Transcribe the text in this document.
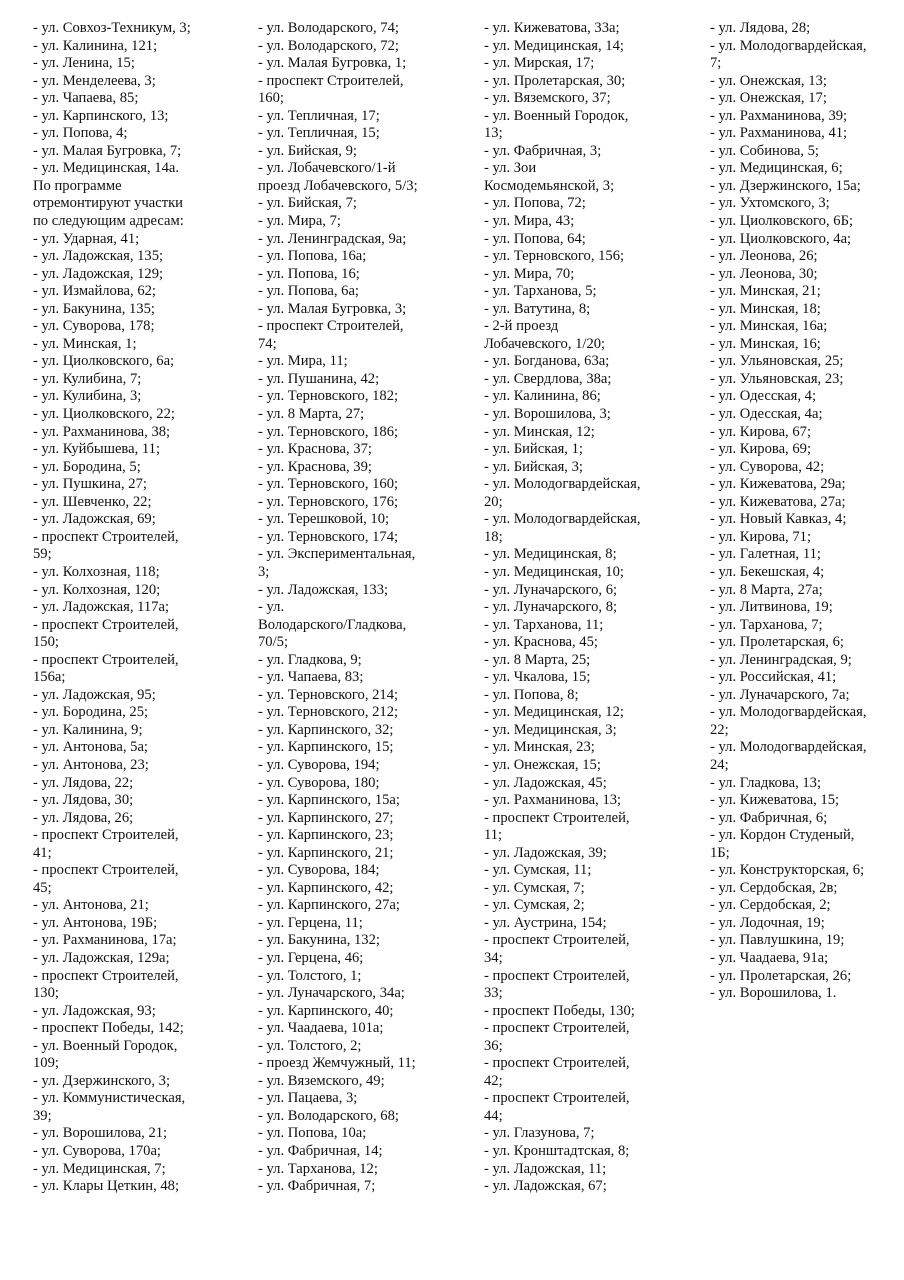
- ул. Совхоз-Техникум, 3;
- ул. Калинина, 121;
- ул. Ленина, 15;
- ул. Менделеева, 3;
- ул. Чапаева, 85;
- ул. Карпинского, 13;
- ул. Попова, 4;
- ул. Малая Бугровка, 7;
- ул. Медицинская, 14а.
По программе
отремонтируют участки
по следующим адресам:
- ул. Ударная, 41;
- ул. Ладожская, 135;
- ул. Ладожская, 129;
- ул. Измайлова, 62;
- ул. Бакунина, 135;
- ул. Суворова, 178;
- ул. Минская, 1;
- ул. Циолковского, 6а;
- ул. Кулибина, 7;
- ул. Кулибина, 3;
- ул. Циолковского, 22;
- ул. Рахманинова, 38;
- ул. Куйбышева, 11;
- ул. Бородина, 5;
- ул. Пушкина, 27;
- ул. Шевченко, 22;
- ул. Ладожская, 69;
- проспект Строителей,
59;
- ул. Колхозная, 118;
- ул. Колхозная, 120;
- ул. Ладожская, 117а;
- проспект Строителей,
150;
- проспект Строителей,
156а;
- ул. Ладожская, 95;
- ул. Бородина, 25;
- ул. Калинина, 9;
- ул. Антонова, 5а;
- ул. Антонова, 23;
- ул. Лядова, 22;
- ул. Лядова, 30;
- ул. Лядова, 26;
- проспект Строителей,
41;
- проспект Строителей,
45;
- ул. Антонова, 21;
- ул. Антонова, 19Б;
- ул. Рахманинова, 17а;
- ул. Ладожская, 129а;
- проспект Строителей,
130;
- ул. Ладожская, 93;
- проспект Победы, 142;
- ул. Военный Городок,
109;
- ул. Дзержинского, 3;
- ул. Коммунистическая,
39;
- ул. Ворошилова, 21;
- ул. Суворова, 170а;
- ул. Медицинская, 7;
- ул. Клары Цеткин, 48;
- ул. Володарского, 74;
- ул. Володарского, 72;
- ул. Малая Бугровка, 1;
- проспект Строителей,
160;
- ул. Тепличная, 17;
- ул. Тепличная, 15;
- ул. Бийская, 9;
- ул. Лобачевского/1-й
проезд Лобачевского, 5/3;
- ул. Бийская, 7;
- ул. Мира, 7;
- ул. Ленинградская, 9а;
- ул. Попова, 16а;
- ул. Попова, 16;
- ул. Попова, 6а;
- ул. Малая Бугровка, 3;
- проспект Строителей,
74;
- ул. Мира, 11;
- ул. Пушанина, 42;
- ул. Терновского, 182;
- ул. 8 Марта, 27;
- ул. Терновского, 186;
- ул. Краснова, 37;
- ул. Краснова, 39;
- ул. Терновского, 160;
- ул. Терновского, 176;
- ул. Терешковой, 10;
- ул. Терновского, 174;
- ул. Экспериментальная,
3;
- ул. Ладожская, 133;
- ул.
Володарского/Гладкова,
70/5;
- ул. Гладкова, 9;
- ул. Чапаева, 83;
- ул. Терновского, 214;
- ул. Терновского, 212;
- ул. Карпинского, 32;
- ул. Карпинского, 15;
- ул. Суворова, 194;
- ул. Суворова, 180;
- ул. Карпинского, 15а;
- ул. Карпинского, 27;
- ул. Карпинского, 23;
- ул. Карпинского, 21;
- ул. Суворова, 184;
- ул. Карпинского, 42;
- ул. Карпинского, 27а;
- ул. Герцена, 11;
- ул. Бакунина, 132;
- ул. Герцена, 46;
- ул. Толстого, 1;
- ул. Луначарского, 34а;
- ул. Карпинского, 40;
- ул. Чаадаева, 101а;
- ул. Толстого, 2;
- проезд Жемчужный, 11;
- ул. Вяземского, 49;
- ул. Пацаева, 3;
- ул. Володарского, 68;
- ул. Попова, 10а;
- ул. Фабричная, 14;
- ул. Тарханова, 12;
- ул. Фабричная, 7;
- ул. Кижеватова, 33а;
- ул. Медицинская, 14;
- ул. Мирская, 17;
- ул. Пролетарская, 30;
- ул. Вяземского, 37;
- ул. Военный Городок,
13;
- ул. Фабричная, 3;
- ул. Зои
Космодемьянской, 3;
- ул. Попова, 72;
- ул. Мира, 43;
- ул. Попова, 64;
- ул. Терновского, 156;
- ул. Мира, 70;
- ул. Тарханова, 5;
- ул. Ватутина, 8;
- 2-й проезд
Лобачевского, 1/20;
- ул. Богданова, 63а;
- ул. Свердлова, 38а;
- ул. Калинина, 86;
- ул. Ворошилова, 3;
- ул. Минская, 12;
- ул. Бийская, 1;
- ул. Бийская, 3;
- ул. Молодогвардейская,
20;
- ул. Молодогвардейская,
18;
- ул. Медицинская, 8;
- ул. Медицинская, 10;
- ул. Луначарского, 6;
- ул. Луначарского, 8;
- ул. Тарханова, 11;
- ул. Краснова, 45;
- ул. 8 Марта, 25;
- ул. Чкалова, 15;
- ул. Попова, 8;
- ул. Медицинская, 12;
- ул. Медицинская, 3;
- ул. Минская, 23;
- ул. Онежская, 15;
- ул. Ладожская, 45;
- ул. Рахманинова, 13;
- проспект Строителей,
11;
- ул. Ладожская, 39;
- ул. Сумская, 11;
- ул. Сумская, 7;
- ул. Сумская, 2;
- ул. Аустрина, 154;
- проспект Строителей,
34;
- проспект Строителей,
33;
- проспект Победы, 130;
- проспект Строителей,
36;
- проспект Строителей,
42;
- проспект Строителей,
44;
- ул. Глазунова, 7;
- ул. Кронштадтская, 8;
- ул. Ладожская, 11;
- ул. Ладожская, 67;
- ул. Лядова, 28;
- ул. Молодогвардейская,
7;
- ул. Онежская, 13;
- ул. Онежская, 17;
- ул. Рахманинова, 39;
- ул. Рахманинова, 41;
- ул. Собинова, 5;
- ул. Медицинская, 6;
- ул. Дзержинского, 15а;
- ул. Ухтомского, 3;
- ул. Циолковского, 6Б;
- ул. Циолковского, 4а;
- ул. Леонова, 26;
- ул. Леонова, 30;
- ул. Минская, 21;
- ул. Минская, 18;
- ул. Минская, 16а;
- ул. Минская, 16;
- ул. Ульяновская, 25;
- ул. Ульяновская, 23;
- ул. Одесская, 4;
- ул. Одесская, 4а;
- ул. Кирова, 67;
- ул. Кирова, 69;
- ул. Суворова, 42;
- ул. Кижеватова, 29а;
- ул. Кижеватова, 27а;
- ул. Новый Кавказ, 4;
- ул. Кирова, 71;
- ул. Галетная, 11;
- ул. Бекешская, 4;
- ул. 8 Марта, 27а;
- ул. Литвинова, 19;
- ул. Тарханова, 7;
- ул. Пролетарская, 6;
- ул. Ленинградская, 9;
- ул. Российская, 41;
- ул. Луначарского, 7а;
- ул. Молодогвардейская,
22;
- ул. Молодогвардейская,
24;
- ул. Гладкова, 13;
- ул. Кижеватова, 15;
- ул. Фабричная, 6;
- ул. Кордон Студеный,
1Б;
- ул. Конструкторская, 6;
- ул. Сердобская, 2в;
- ул. Сердобская, 2;
- ул. Лодочная, 19;
- ул. Павлушкина, 19;
- ул. Чаадаева, 91а;
- ул. Пролетарская, 26;
- ул. Ворошилова, 1.
